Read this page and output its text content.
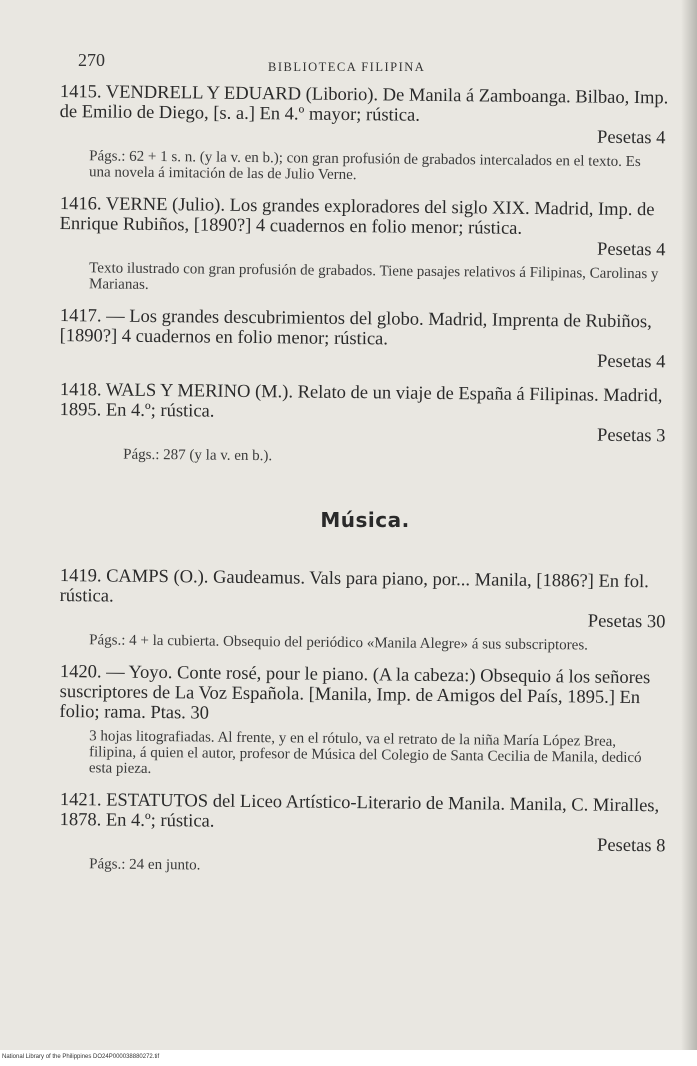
270	BIBLIOTECA FILIPINA
1415. VENDRELL Y EDUARD (Liborio). De Manila á Zamboanga. Bilbao, Imp. de Emilio de Diego, [s. a.] En 4.º mayor; rústica.
Pesetas 4
Págs.: 62 + 1 s. n. (y la v. en b.); con gran profusión de grabados intercalados en el texto. Es una novela á imitación de las de Julio Verne.
1416. VERNE (Julio). Los grandes exploradores del siglo XIX. Madrid, Imp. de Enrique Rubiños, [1890?] 4 cuadernos en folio menor; rústica.
Pesetas 4
Texto ilustrado con gran profusión de grabados. Tiene pasajes relativos á Filipinas, Carolinas y Marianas.
1417. — Los grandes descubrimientos del globo. Madrid, Imprenta de Rubiños, [1890?] 4 cuadernos en folio menor; rústica.
Pesetas 4
1418. WALS Y MERINO (M.). Relato de un viaje de España á Filipinas. Madrid, 1895. En 4.º; rústica.
Pesetas 3
Págs.: 287 (y la v. en b.).
Música.
1419. CAMPS (O.). Gaudeamus. Vals para piano, por... Manila, [1886?] En fol. rústica.
Pesetas 30
Págs.: 4 + la cubierta. Obsequio del periódico «Manila Alegre» á sus subscriptores.
1420. — Yoyo. Conte rosé, pour le piano. (A la cabeza:) Obsequio á los señores suscriptores de La Voz Española. [Manila, Imp. de Amigos del País, 1895.] En folio; rama. Ptas. 30
3 hojas litografiadas. Al frente, y en el rótulo, va el retrato de la niña María López Brea, filipina, á quien el autor, profesor de Música del Colegio de Santa Cecilia de Manila, dedicó esta pieza.
1421. ESTATUTOS del Liceo Artístico-Literario de Manila. Manila, C. Miralles, 1878. En 4.º; rústica.
Pesetas 8
Págs.: 24 en junto.
National Library of the Philippines DO24P000038880272.tif
